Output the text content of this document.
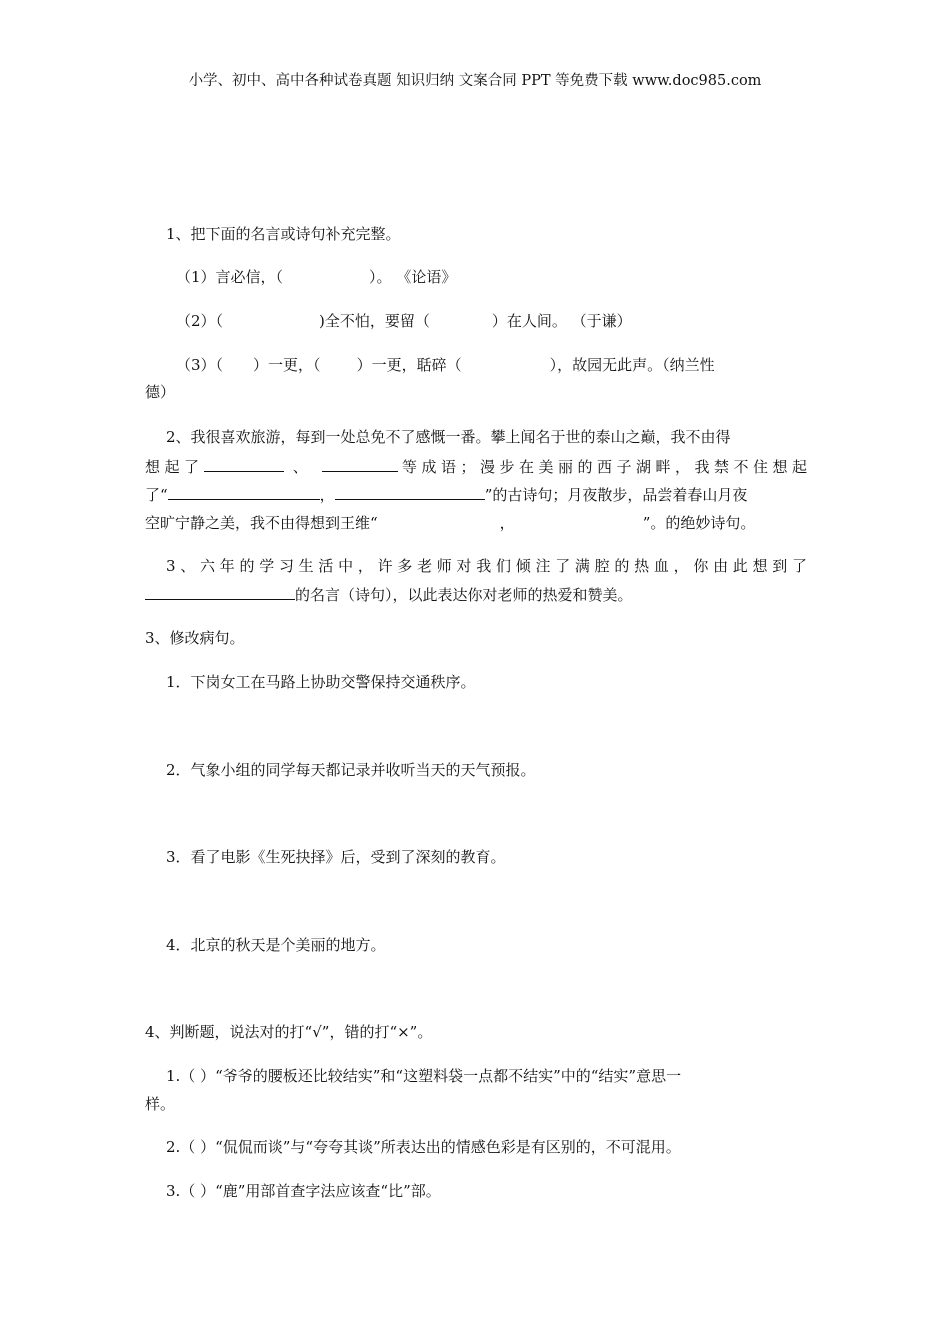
小学、初中、高中各种试卷真题 知识归纳 文案合同 PPT 等免费下载 www.doc985.com
1、把下面的名言或诗句补充完整。
（1）言必信，（	）。 《论语》
（2）（	)全不怕，要留（	）在人间。 （于谦）
（3）（ ）一更，（ ）一更，聒碎（	），故园无此声。（纳兰性
德）
2、我很喜欢旅游，每到一处总免不了感慨一番。攀上闻名于世的泰山之巅，我不由得
想起了	、	等成语；漫步在美丽的西子湖畔，我禁不住想起
了“	，	”的古诗句；月夜散步，品尝着春山月夜
空旷宁静之美，我不由得想到王维“	，	”。的绝妙诗句。
3、六年的学习生活中，许多老师对我们倾注了满腔的热血，你由此想到了
的名言（诗句），以此表达你对老师的热爱和赞美。
3、修改病句。
1．下岗女工在马路上协助交警保持交通秩序。
2．气象小组的同学每天都记录并收听当天的天气预报。
3．看了电影《生死抉择》后，受到了深刻的教育。
4．北京的秋天是个美丽的地方。
4、判断题，说法对的打“√”，错的打“×”。
1.（ ）“爷爷的腰板还比较结实”和“这塑料袋一点都不结实”中的“结实”意思一
样。
2.（ ）“侃侃而谈”与“夸夸其谈”所表达出的情感色彩是有区别的，不可混用。
3.（ ）“鹿”用部首查字法应该查“比”部。
